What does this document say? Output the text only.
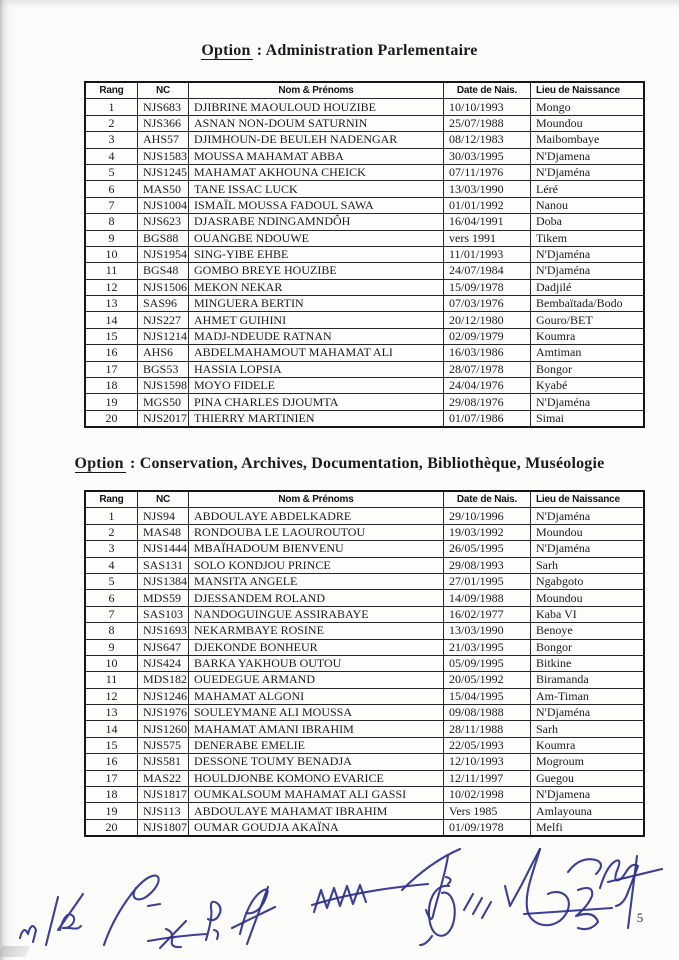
Option : Administration Parlementaire
Rang	NC	Nom & Prénoms	Date de Nais.	Lieu de Naissance
1	NJS683	DJIBRINE MAOULOUD HOUZIBE	10/10/1993	Mongo
2	NJS366	ASNAN NON-DOUM SATURNIN	25/07/1988	Moundou
3	AHS57	DJIMHOUN-DE BEULEH NADENGAR	08/12/1983	Maibombaye
4	NJS1583	MOUSSA MAHAMAT ABBA	30/03/1995	N'Djamena
5	NJS1245	MAHAMAT AKHOUNA CHEICK	07/11/1976	N'Djaména
6	MAS50	TANE ISSAC LUCK	13/03/1990	Léré
7	NJS1004	ISMAÏL MOUSSA FADOUL SAWA	01/01/1992	Nanou
8	NJS623	DJASRABE NDINGAMNDÔH	16/04/1991	Doba
9	BGS88	OUANGBE NDOUWE	vers 1991	Tikem
10	NJS1954	SING-YIBE EHBE	11/01/1993	N'Djaména
11	BGS48	GOMBO BREYE HOUZIBE	24/07/1984	N'Djaména
12	NJS1506	MEKON NEKAR	15/09/1978	Dadjilé
13	SAS96	MINGUERA BERTIN	07/03/1976	Bembaïtada/Bodo
14	NJS227	AHMET GUIHINI	20/12/1980	Gouro/BET
15	NJS1214	MADJ-NDEUDE RATNAN	02/09/1979	Koumra
16	AHS6	ABDELMAHAMOUT MAHAMAT ALI	16/03/1986	Amtiman
17	BGS53	HASSIA LOPSIA	28/07/1978	Bongor
18	NJS1598	MOYO FIDELE	24/04/1976	Kyabé
19	MGS50	PINA CHARLES DJOUMTA	29/08/1976	N'Djaména
20	NJS2017	THIERRY MARTINIEN	01/07/1986	Simai
Option : Conservation, Archives, Documentation, Bibliothèque, Muséologie
Rang	NC	Nom & Prénoms	Date de Nais.	Lieu de Naissance
1	NJS94	ABDOULAYE ABDELKADRE	29/10/1996	N'Djaména
2	MAS48	RONDOUBA LE LAOUROUTOU	19/03/1992	Moundou
3	NJS1444	MBAÏHADOUM BIENVENU	26/05/1995	N'Djaména
4	SAS131	SOLO KONDJOU PRINCE	29/08/1993	Sarh
5	NJS1384	MANSITA ANGELE	27/01/1995	Ngabgoto
6	MDS59	DJESSANDEM ROLAND	14/09/1988	Moundou
7	SAS103	NANDOGUINGUE ASSIRABAYE	16/02/1977	Kaba VI
8	NJS1693	NEKARMBAYE ROSINE	13/03/1990	Benoye
9	NJS647	DJEKONDE BONHEUR	21/03/1995	Bongor
10	NJS424	BARKA YAKHOUB OUTOU	05/09/1995	Bitkine
11	MDS182	OUEDEGUE ARMAND	20/05/1992	Biramanda
12	NJS1246	MAHAMAT ALGONI	15/04/1995	Am-Timan
13	NJS1976	SOULEYMANE ALI MOUSSA	09/08/1988	N'Djaména
14	NJS1260	MAHAMAT AMANI IBRAHIM	28/11/1988	Sarh
15	NJS575	DENERABE EMELIE	22/05/1993	Koumra
16	NJS581	DESSONE TOUMY BENADJA	12/10/1993	Mogroum
17	MAS22	HOULDJONBE KOMONO EVARICE	12/11/1997	Guegou
18	NJS1817	OUMKALSOUM MAHAMAT ALI GASSI	10/02/1998	N'Djamena
19	NJS113	ABDOULAYE MAHAMAT IBRAHIM	Vers 1985	Amlayouna
20	NJS1807	OUMAR GOUDJA AKAÏNA	01/09/1978	Melfi
5
